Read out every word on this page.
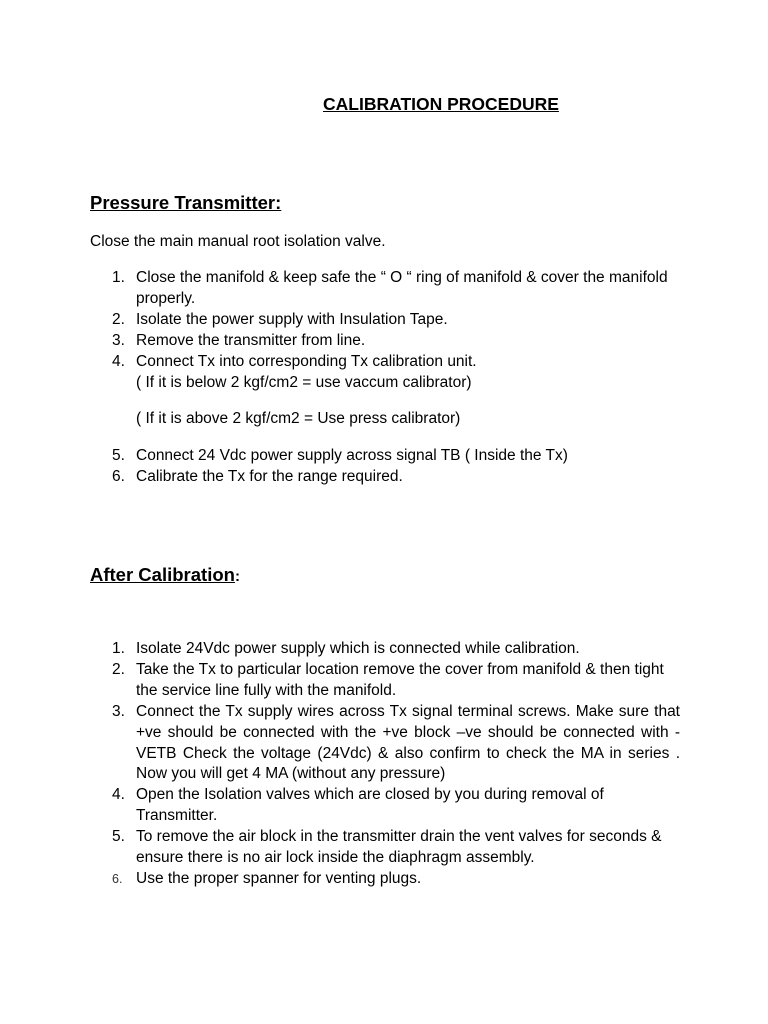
CALIBRATION PROCEDURE
Pressure Transmitter:

Close the main manual root isolation valve.

1. Close the manifold & keep safe the “ O “ ring of manifold & cover the manifold properly.
2. Isolate the power supply with Insulation Tape.
3. Remove the transmitter from line.
4. Connect Tx into corresponding Tx calibration unit.

( If it is below 2 kgf/cm2 = use vaccum calibrator)

( If it is above 2 kgf/cm2 = Use press calibrator)

5. Connect 24 Vdc power supply across signal TB ( Inside the Tx)
6. Calibrate the Tx for the range required.
After Calibration:
1. Isolate 24Vdc power supply which is connected while calibration.
2. Take the Tx to particular location remove the cover from manifold & then tight the service line fully with the manifold.
3. Connect the Tx supply wires across Tx signal terminal screws. Make sure that +ve should be connected with the +ve block –ve should be connected with -VETB Check the voltage (24Vdc) & also confirm to check the MA in series . Now you will get 4 MA (without any pressure)
4. Open the Isolation valves which are closed by you during removal of Transmitter.
5. To remove the air block in the transmitter drain the vent valves for seconds & ensure there is no air lock inside the diaphragm assembly.
6. Use the proper spanner for venting plugs.
